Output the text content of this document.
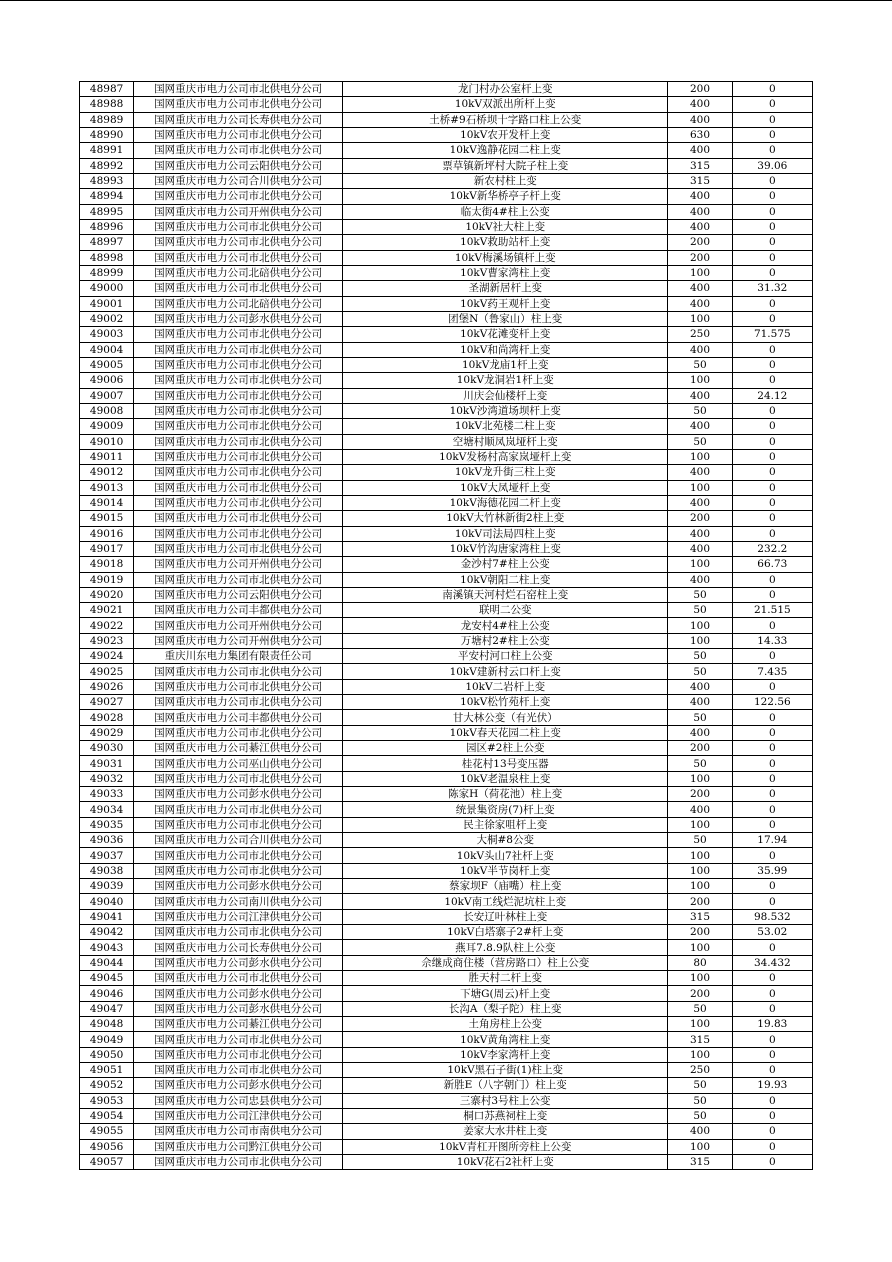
48987	国网重庆市电力公司市北供电分公司	龙门村办公室杆上变	200	0
48988	国网重庆市电力公司市北供电分公司	10kV双派出所杆上变	400	0
48989	国网重庆市电力公司长寿供电分公司	土桥#9石桥坝十字路口柱上公变	400	0
48990	国网重庆市电力公司市北供电分公司	10kV农开发杆上变	630	0
48991	国网重庆市电力公司市北供电分公司	10kV逸静花园二柱上变	400	0
48992	国网重庆市电力公司云阳供电分公司	票草镇新坪村大院子柱上变	315	39.06
48993	国网重庆市电力公司合川供电分公司	新农村柱上变	315	0
48994	国网重庆市电力公司市北供电分公司	10kV新华桥亭子杆上变	400	0
48995	国网重庆市电力公司开州供电分公司	临太街4#柱上公变	400	0
48996	国网重庆市电力公司市北供电分公司	10kV社大柱上变	400	0
48997	国网重庆市电力公司市北供电分公司	10kV救助站杆上变	200	0
48998	国网重庆市电力公司市北供电分公司	10kV梅溪场镇杆上变	200	0
48999	国网重庆市电力公司北碚供电分公司	10kV曹家湾柱上变	100	0
49000	国网重庆市电力公司市北供电分公司	圣湖新居杆上变	400	31.32
49001	国网重庆市电力公司北碚供电分公司	10kV药王观杆上变	400	0
49002	国网重庆市电力公司彭水供电分公司	团堡N（鲁家山）柱上变	100	0
49003	国网重庆市电力公司市北供电分公司	10kV花滩变杆上变	250	71.575
49004	国网重庆市电力公司市北供电分公司	10kV和尚湾杆上变	400	0
49005	国网重庆市电力公司市北供电分公司	10kV龙庙1杆上变	50	0
49006	国网重庆市电力公司市北供电分公司	10kV龙洞岩1杆上变	100	0
49007	国网重庆市电力公司市北供电分公司	川庆会仙楼杆上变	400	24.12
49008	国网重庆市电力公司市北供电分公司	10kV沙湾道场坝杆上变	50	0
49009	国网重庆市电力公司市北供电分公司	10kV北苑楼二柱上变	400	0
49010	国网重庆市电力公司市北供电分公司	空塘村顺凤岚垭杆上变	50	0
49011	国网重庆市电力公司市北供电分公司	10kV发杨村高家岚垭杆上变	100	0
49012	国网重庆市电力公司市北供电分公司	10kV龙升街三柱上变	400	0
49013	国网重庆市电力公司市北供电分公司	10kV大凤垭杆上变	100	0
49014	国网重庆市电力公司市北供电分公司	10kV海德花园二杆上变	400	0
49015	国网重庆市电力公司市北供电分公司	10kV大竹林新街2柱上变	200	0
49016	国网重庆市电力公司市北供电分公司	10kV司法局四柱上变	400	0
49017	国网重庆市电力公司市北供电分公司	10kV竹沟唐家湾柱上变	400	232.2
49018	国网重庆市电力公司开州供电分公司	金沙村7#柱上公变	100	66.73
49019	国网重庆市电力公司市北供电分公司	10kV朝阳二柱上变	400	0
49020	国网重庆市电力公司云阳供电分公司	南溪镇天河村烂石窑柱上变	50	0
49021	国网重庆市电力公司丰都供电分公司	联明二公变	50	21.515
49022	国网重庆市电力公司开州供电分公司	龙安村4#柱上公变	100	0
49023	国网重庆市电力公司开州供电分公司	万塘村2#柱上公变	100	14.33
49024	重庆川东电力集团有限责任公司	平安村河口柱上公变	50	0
49025	国网重庆市电力公司市北供电分公司	10kV建新村云口杆上变	50	7.435
49026	国网重庆市电力公司市北供电分公司	10kV二岩杆上变	400	0
49027	国网重庆市电力公司市北供电分公司	10kV松竹苑杆上变	400	122.56
49028	国网重庆市电力公司丰都供电分公司	甘大林公变（有光伏）	50	0
49029	国网重庆市电力公司市北供电分公司	10kV春天花园二柱上变	400	0
49030	国网重庆市电力公司綦江供电分公司	园区#2柱上公变	200	0
49031	国网重庆市电力公司巫山供电分公司	桂花村13号变压器	50	0
49032	国网重庆市电力公司市北供电分公司	10kV老温泉柱上变	100	0
49033	国网重庆市电力公司彭水供电分公司	陈家H（荷花池）柱上变	200	0
49034	国网重庆市电力公司市北供电分公司	统景集资房(7)杆上变	400	0
49035	国网重庆市电力公司市北供电分公司	民主徐家咀杆上变	100	0
49036	国网重庆市电力公司合川供电分公司	大桐#8公变	50	17.94
49037	国网重庆市电力公司市北供电分公司	10kV头山7社杆上变	100	0
49038	国网重庆市电力公司市北供电分公司	10kV半节岗杆上变	100	35.99
49039	国网重庆市电力公司彭水供电分公司	蔡家坝F（庙嘴）柱上变	100	0
49040	国网重庆市电力公司南川供电分公司	10kV南工线烂泥坑柱上变	200	0
49041	国网重庆市电力公司江津供电分公司	长安辽叶林柱上变	315	98.532
49042	国网重庆市电力公司市北供电分公司	10kV白塔寨子2#杆上变	200	53.02
49043	国网重庆市电力公司长寿供电分公司	燕耳7.8.9队柱上公变	100	0
49044	国网重庆市电力公司彭水供电分公司	佘继成商住楼（营房路口）柱上公变	80	34.432
49045	国网重庆市电力公司市北供电分公司	胜天村二杆上变	100	0
49046	国网重庆市电力公司彭水供电分公司	下塘G(周云)杆上变	200	0
49047	国网重庆市电力公司彭水供电分公司	长沟A（梨子陀）柱上变	50	0
49048	国网重庆市电力公司綦江供电分公司	土角房柱上公变	100	19.83
49049	国网重庆市电力公司市北供电分公司	10kV黄角湾柱上变	315	0
49050	国网重庆市电力公司市北供电分公司	10kV李家湾杆上变	100	0
49051	国网重庆市电力公司市北供电分公司	10kV黑石子街(1)柱上变	250	0
49052	国网重庆市电力公司彭水供电分公司	新胜E（八字朝门）柱上变	50	19.93
49053	国网重庆市电力公司忠县供电分公司	三寨村3号柱上公变	50	0
49054	国网重庆市电力公司江津供电分公司	桐口苏燕祠柱上变	50	0
49055	国网重庆市电力公司市南供电分公司	姜家大水井柱上变	400	0
49056	国网重庆市电力公司黔江供电分公司	10kV青杠开图所旁柱上公变	100	0
49057	国网重庆市电力公司市北供电分公司	10kV花石2社杆上变	315	0
